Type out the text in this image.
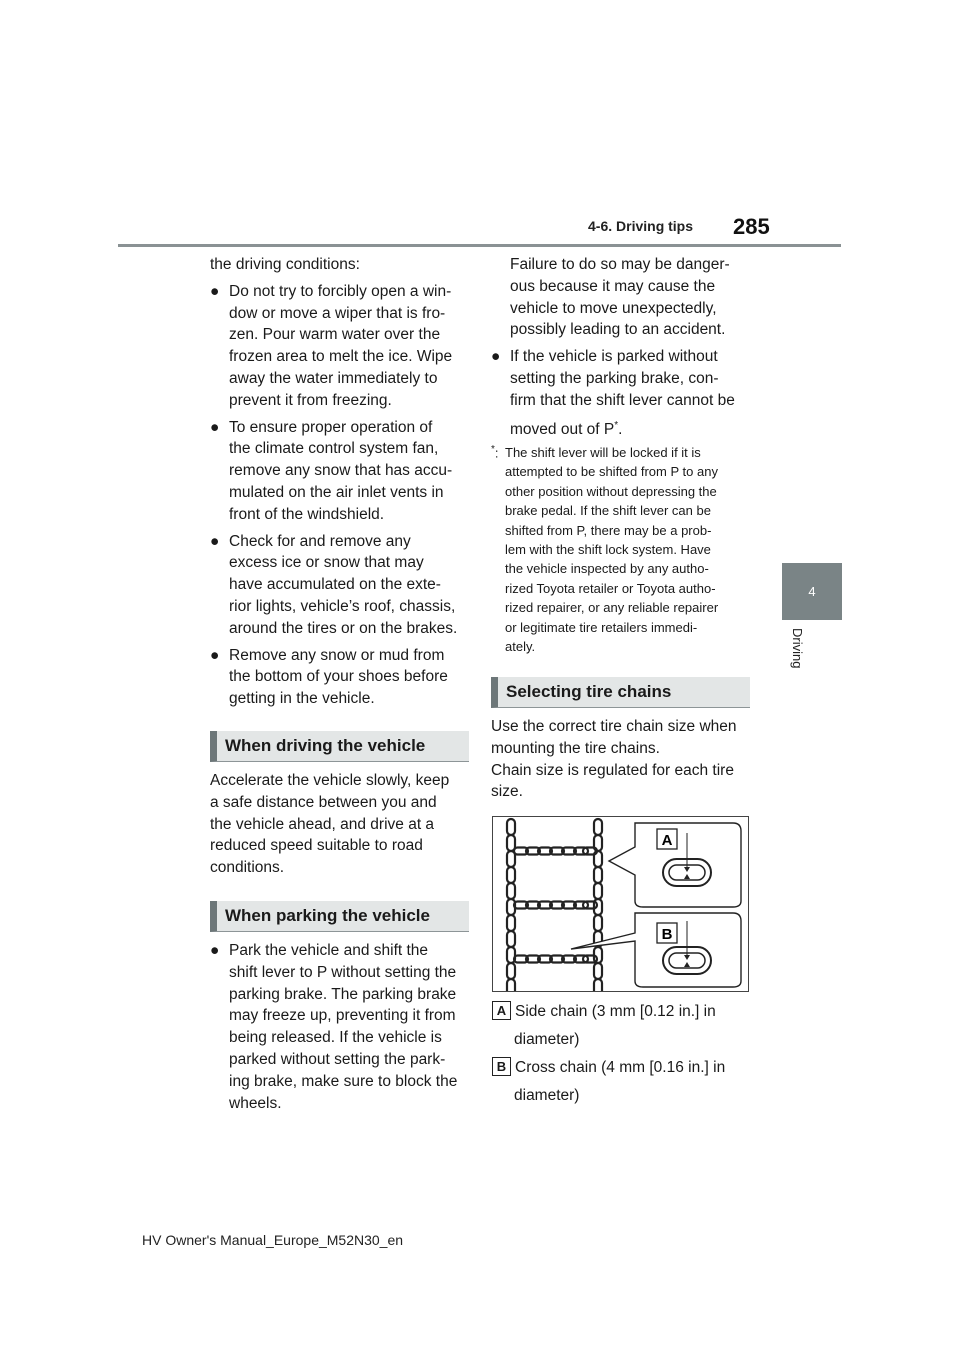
4-6. Driving tips 285
4
Driving

the driving conditions:

● Do not try to forcibly open a win-

dow or move a wiper that is fro-

zen. Pour warm water over the

frozen area to melt the ice. Wipe

away the water immediately to

prevent it from freezing.

● To ensure proper operation of

the climate control system fan,

remove any snow that has accu-

mulated on the air inlet vents in

front of the windshield.

● Check for and remove any

excess ice or snow that may

have accumulated on the exte-

rior lights, vehicle’s roof, chassis,

around the tires or on the brakes.

● Remove any snow or mud from

the bottom of your shoes before

getting in the vehicle.

When driving the vehicle

Accelerate the vehicle slowly, keep

a safe distance between you and

the vehicle ahead, and drive at a

reduced speed suitable to road

conditions.

When parking the vehicle
● Park the vehicle and shift the

shift lever to P without setting the

parking brake. The parking brake

may freeze up, preventing it from

being released. If the vehicle is

parked without setting the park-

ing brake, make sure to block the

wheels.

Failure to do so may be danger-

ous because it may cause the

vehicle to move unexpectedly,

possibly leading to an accident.

● If the vehicle is parked without

setting the parking brake, con-

firm that the shift lever cannot be

moved out of P*.

*: The shift lever will be locked if it is

attempted to be shifted from P to any

other position without depressing the

brake pedal. If the shift lever can be

shifted from P, there may be a prob-

lem with the shift lock system. Have

the vehicle inspected by any autho-

rized Toyota retailer or Toyota autho-

rized repairer, or any reliable repairer

or legitimate tire retailers immedi-

ately.

Selecting tire chains

Use the correct tire chain size when

mounting the tire chains.

Chain size is regulated for each tire

size.

A
B
A Side chain (3 mm [0.12 in.] in
diameter)
B Cross chain (4 mm [0.16 in.] in
diameter)
HV Owner's Manual_Europe_M52N30_en
